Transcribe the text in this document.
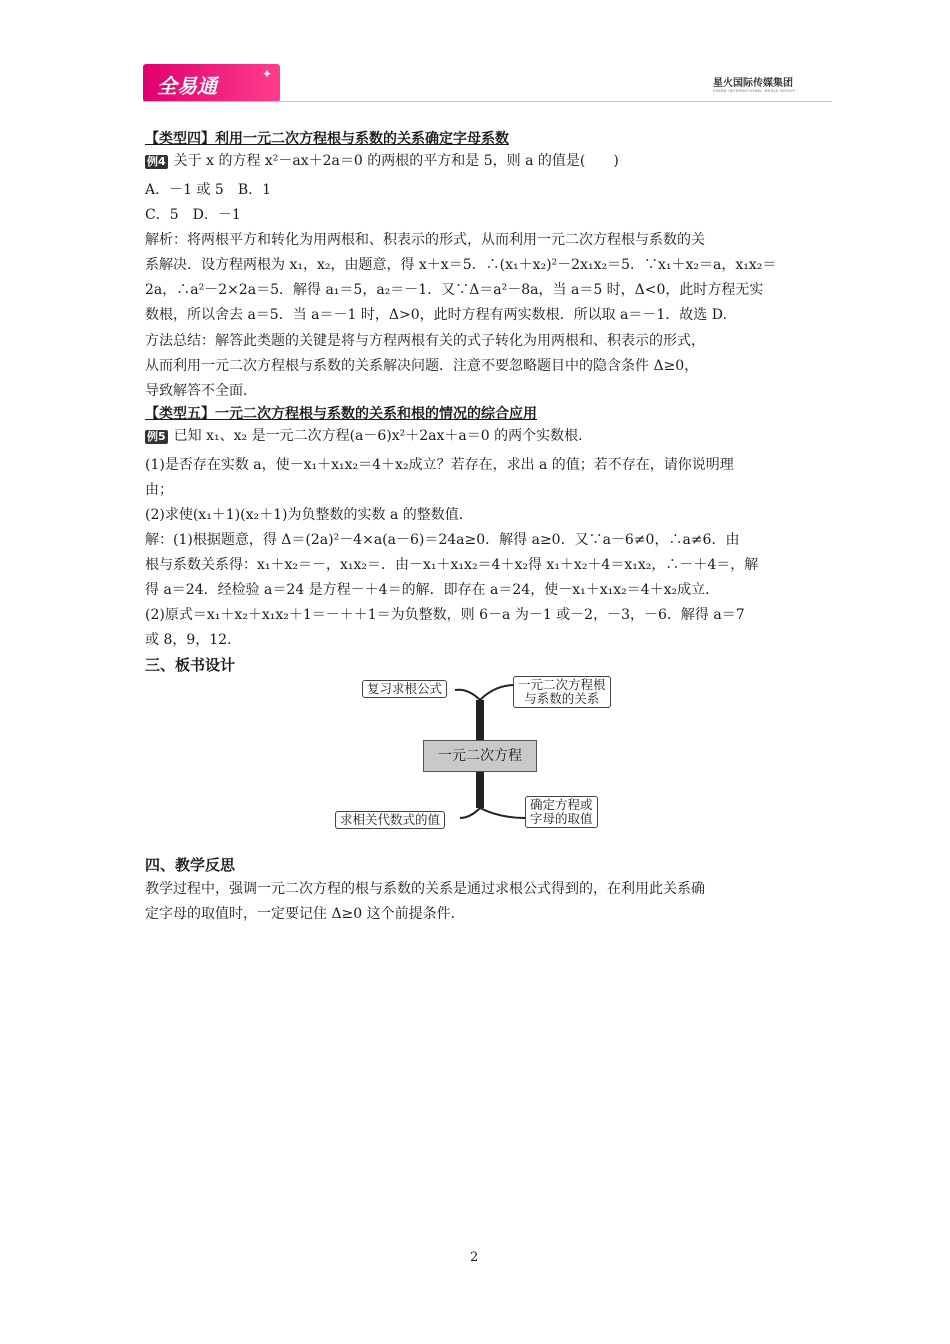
全易通	✦
星火国际传媒集团
SPARK INTERNATIONAL MEDIA GROUP
【类型四】利用一元二次方程根与系数的关系确定字母系数
例4 关于 x 的方程 x²－ax＋2a＝0 的两根的平方和是 5，则 a 的值是(　　)
A．－1 或 5　B．1
C．5　D．－1
解析：将两根平方和转化为用两根和、积表示的形式，从而利用一元二次方程根与系数的关
系解决．设方程两根为 x₁，x₂，由题意，得 x＋x＝5．∴(x₁＋x₂)²－2x₁x₂＝5．∵x₁＋x₂＝a，x₁x₂＝
2a，∴a²－2×2a＝5．解得 a₁＝5，a₂＝－1．又∵Δ＝a²－8a，当 a＝5 时，Δ<0，此时方程无实
数根，所以舍去 a＝5．当 a＝－1 时，Δ>0，此时方程有两实数根．所以取 a＝－1．故选 D.
方法总结：解答此类题的关键是将与方程两根有关的式子转化为用两根和、积表示的形式，
从而利用一元二次方程根与系数的关系解决问题．注意不要忽略题目中的隐含条件 Δ≥0，
导致解答不全面．
【类型五】一元二次方程根与系数的关系和根的情况的综合应用
例5 已知 x₁、x₂ 是一元二次方程(a－6)x²＋2ax＋a＝0 的两个实数根．
(1)是否存在实数 a，使－x₁＋x₁x₂＝4＋x₂成立？若存在，求出 a 的值；若不存在，请你说明理
由；
(2)求使(x₁＋1)(x₂＋1)为负整数的实数 a 的整数值．
解：(1)根据题意，得 Δ＝(2a)²－4×a(a－6)＝24a≥0．解得 a≥0．又∵a－6≠0，∴a≠6．由
根与系数关系得：x₁＋x₂＝－，x₁x₂＝．由－x₁＋x₁x₂＝4＋x₂得 x₁＋x₂＋4＝x₁x₂，∴－＋4＝，解
得 a＝24．经检验 a＝24 是方程－＋4＝的解．即存在 a＝24，使－x₁＋x₁x₂＝4＋x₂成立．
(2)原式＝x₁＋x₂＋x₁x₂＋1＝－＋＋1＝为负整数，则 6－a 为－1 或－2，－3，－6．解得 a＝7
或 8，9，12．
三、板书设计
复习求根公式	一元二次方程根
与系数的关系
一元二次方程
求相关代数式的值
确定方程或
字母的取值
四、教学反思
教学过程中，强调一元二次方程的根与系数的关系是通过求根公式得到的，在利用此关系确
定字母的取值时，一定要记住 Δ≥0 这个前提条件．
2
